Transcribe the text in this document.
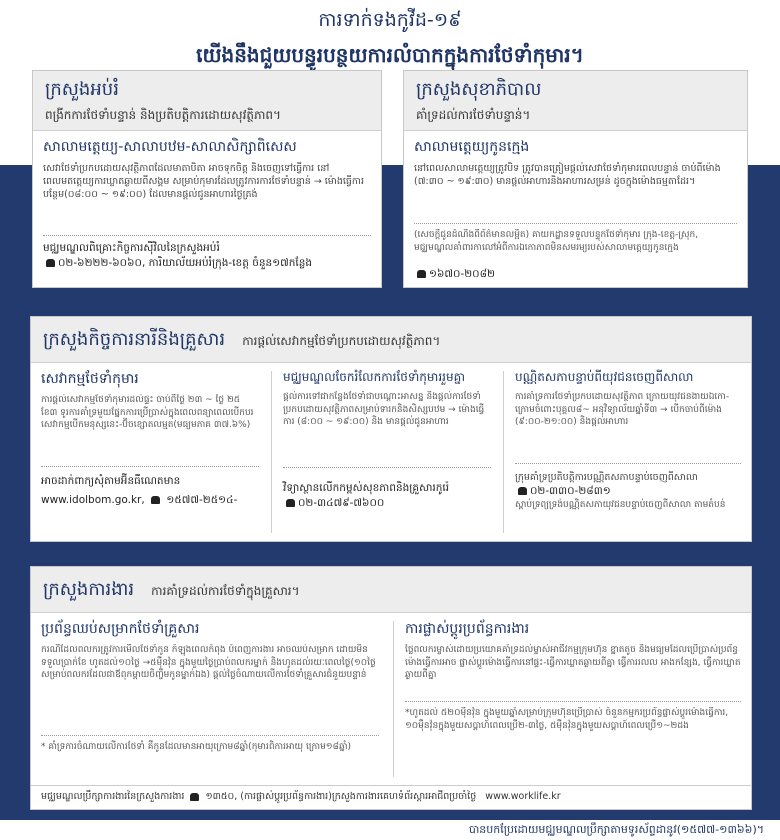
ការទាក់ទងកូវីដ-១៩
យើងនឹងជួយបន្ធូរបន្ថយការលំបាកក្នុងការថែទាំកុមារ។
ក្រសួងអប់រំ
ពង្រីកការថែទាំបន្ទាន់ និងប្រតិបត្តិការដោយសុវត្ថិភាព។
សាលាមត្តេយ្យ-សាលាបឋម-សាលាសិក្សាពិសេស
សេវាថែទាំប្រកបដោយសុវត្ថិភាពដែលមាតាបិតា អាចទុកចិត្ត និងចេញទៅធ្វើការ នៅពេលមតត្តេយ្យការឃ្លាតឆ្ងាយពីសង្គម សម្រាប់កុមារដែលត្រូវការការថែទាំបន្ទាន់ → ម៉ោងធ្វើការ បន្ថែម(០៨:០០ ~ ១៩:០០) ដែលមានផ្តល់ជូនអាហារថ្ងៃត្រង់
មជ្ឈមណ្ឌលពិគ្រោះកិច្ចការស៊ីវិលនៃក្រសួងអប់រំ
០២-៦២២២-៦០៦០, ការិយាល័យអប់រំក្រុង-ខេត្ត ចំនួន១៧កន្លែង
ក្រសួងសុខាភិបាល
គាំទ្រដល់ការថែទាំបន្ទាន់។
សាលាមត្តេយ្យកូនក្មេង
នៅពេលសាលាមត្តេយ្យត្រូវបិទ ត្រូវបានត្រៀមផ្តល់សេវាថែទាំកុមារពេលបន្ទាន់ ចាប់ពីម៉ោង (៧:៣០ ~ ១៩:៣០) មានផ្តល់អាហារនិងអាហារសម្រន់ ដូចក្នុងម៉ោងធម្មតាដែរ។
(សេចក្តីជូនដំណឹងពីព័ត៌មានលម្អិត) គាយកដ្ឋានទទួលបន្ទុកថែទាំកុមារ ក្រុង-ខេត្ត-ស្រុក, មជ្ឈមណ្ឌលគាំពារកាលៅអំពីការឯកោភាពមិនសមរម្យរបស់សាលាមត្តេយ្យកូនក្មេង
១៦៧០-២០៨២
ក្រសួងកិច្ចការនារីនិងគ្រួសារ ការផ្តល់សេវាកម្មថែទាំប្រកបដោយសុវត្ថិភាព។
សេវាកម្មថែទាំកុមារ
ការផ្តល់សេវាកម្មថែទាំកុមារដល់ផ្ទះ ចាប់ពីថ្ងៃ ២៣ ~ ថ្ងៃ ២៥ ខែ៣ ទូរការគាំទ្រមួយផ្នែកការប្រើប្រាស់ក្នុងពេលពន្យាពេលបើកបរសេវាកម្មបើកមនុស្សនេះ-ប៊ីចខ្សោតលម្មត(មធ្យមភាគ ៣៧.៦%)
អាចដាក់ពាក្យសុំតាមអ៊ីនធឺណេតមាន
www.idolbom.go.kr, ១៥៧៧-២៥១៤-
មជ្ឈមណ្ឌលចែករំលែកការថែទាំកុមាររួមគ្នា
ផ្តល់ការទៅជាកន្លែងថែទាំជាបណ្តោះអាសន្ន និងផ្តល់ការថែទាំប្រកបដោយសុវត្ថិភាពសម្រាប់ទារកនិងសិស្សបឋម → ម៉ោងធ្វើការ (៨:០០ ~ ១៩:០០) និង មានផ្តល់ជូនអាហារ
វិទ្យាស្ថានលើកកម្ពស់សុខភាពនិងគ្រួសារកូរ៉េ
០២-៣៤៧៩-៧៦០០
បណ្ណិតសភាបន្ទាប់ពីយុវជនចេញពីសាលា
ការគាំទ្រការថែទាំប្រកបដោយសុវត្ថិភាព ក្រោយយុវជនងាយឯកោ-ក្រោមចំពោះបុគ្គល៨~ អនុវិទ្យាល័យឆ្នាំទី៣ → បើកចាប់ពីម៉ោង (៩:០០-២១:០០) និងផ្តល់អាហារ
ក្រុមគាំទ្រប្រតិបត្តិការបណ្ណិតសភាបន្ទាប់ចេញពីសាលា
០២-៣៣០-២៨៣១
ស្ពាប់ទ្រព្យទ្រង់បណ្ណិតសភាយុវជនបន្ទាប់ចេញពីសាលា តាមតំបន់
ក្រសួងការងារ ការគាំទ្រដល់ការថែទាំក្នុងគ្រួសារ។
ប្រព័ន្ធឈប់សម្រាកថែទាំគ្រួសារ
ករណីដែលពលករត្រូវការមើលថែទាំកូន កំឡុងពេលកំពុង បំពេញការងារ អាចឈប់សម្រាក ដោយមិនទទួលប្រាក់ខែ ហូតដល់១០ថ្ងៃ →៥ម៉ឺនវ៉ុន ក្នុងមួយថ្ងៃប្រាប់ពលករម្នាក់ និងហូតដល់រយៈពេលថ្ងៃ(១០ថ្ងៃសម្រាប់ពលករដែលជាឪពុកម្តាយចិញ្ចឹមកូនម្នាក់ឯង) ផ្តល់ថ្លៃចំណាយលើការថែទាំគ្រួសារជំនួយបន្ទាន់
* គាំទ្រការចំណាយលើការថែទាំ គឺកូនដែលមានអាយុក្រោម៨ឆ្នាំ(កុមារពិការអាយុ ក្រោម១៨ឆ្នាំ)
ការផ្លាស់ប្តូរប្រព័ន្ធការងារ
ថ្លៃពលករម្ចាស់ដោយប្រយោគគាំទ្រដល់ម្ចាស់អាជីវកម្មក្រុមហ៊ុន ខ្នាតតូច និងមធ្យមដែលប្រើប្រាស់ប្រព័ន្ធម៉ោងធ្វើការអាច ផ្លាស់ប្តូរម៉ោងធ្វើការនៅផ្ទះ-ធ្វើការឃ្លាតឆ្ងាយពីគ្នា ធ្វើការរលល អាងកន្សែង, ធ្វើការឃ្លាតឆ្ងាយពីគ្នា
*ហូតដល់ ៥២០ម៉ឺនវ៉ុន ក្នុងមួយឆ្នាំសម្រាប់ក្រុមហ៊ុនប្រើប្រាស់ ចំនួនកម្មករប្រព័ន្ធផ្លាស់ប្តូរម៉ោងធ្វើការ, ១០ម៉ឺនវ៉ុនក្នុងមួយសប្តាហ៍ពេលប្រើ២-៣ថ្ងៃ, ៥ម៉ឺនវ៉ុនក្នុងមួយសប្តាហ៍ពេលប្រើ១~២ដង
មជ្ឈមណ្ឌលប្រឹក្សាការងារនៃក្រសួងការងារ ១៣៥០, (ការផ្លាស់ប្តូរប្រព័ន្ធការងារ)ក្រសួងការងារគេហទំព័រស្តារអាជីពប្រចាំថ្ងៃ www.worklife.kr
បានបកប្រែដោយមជ្ឈមណ្ឌលប្រឹក្សាតាមទូរស័ព្ទដានូវ(១៥៧៧-១៣៦៦)។
